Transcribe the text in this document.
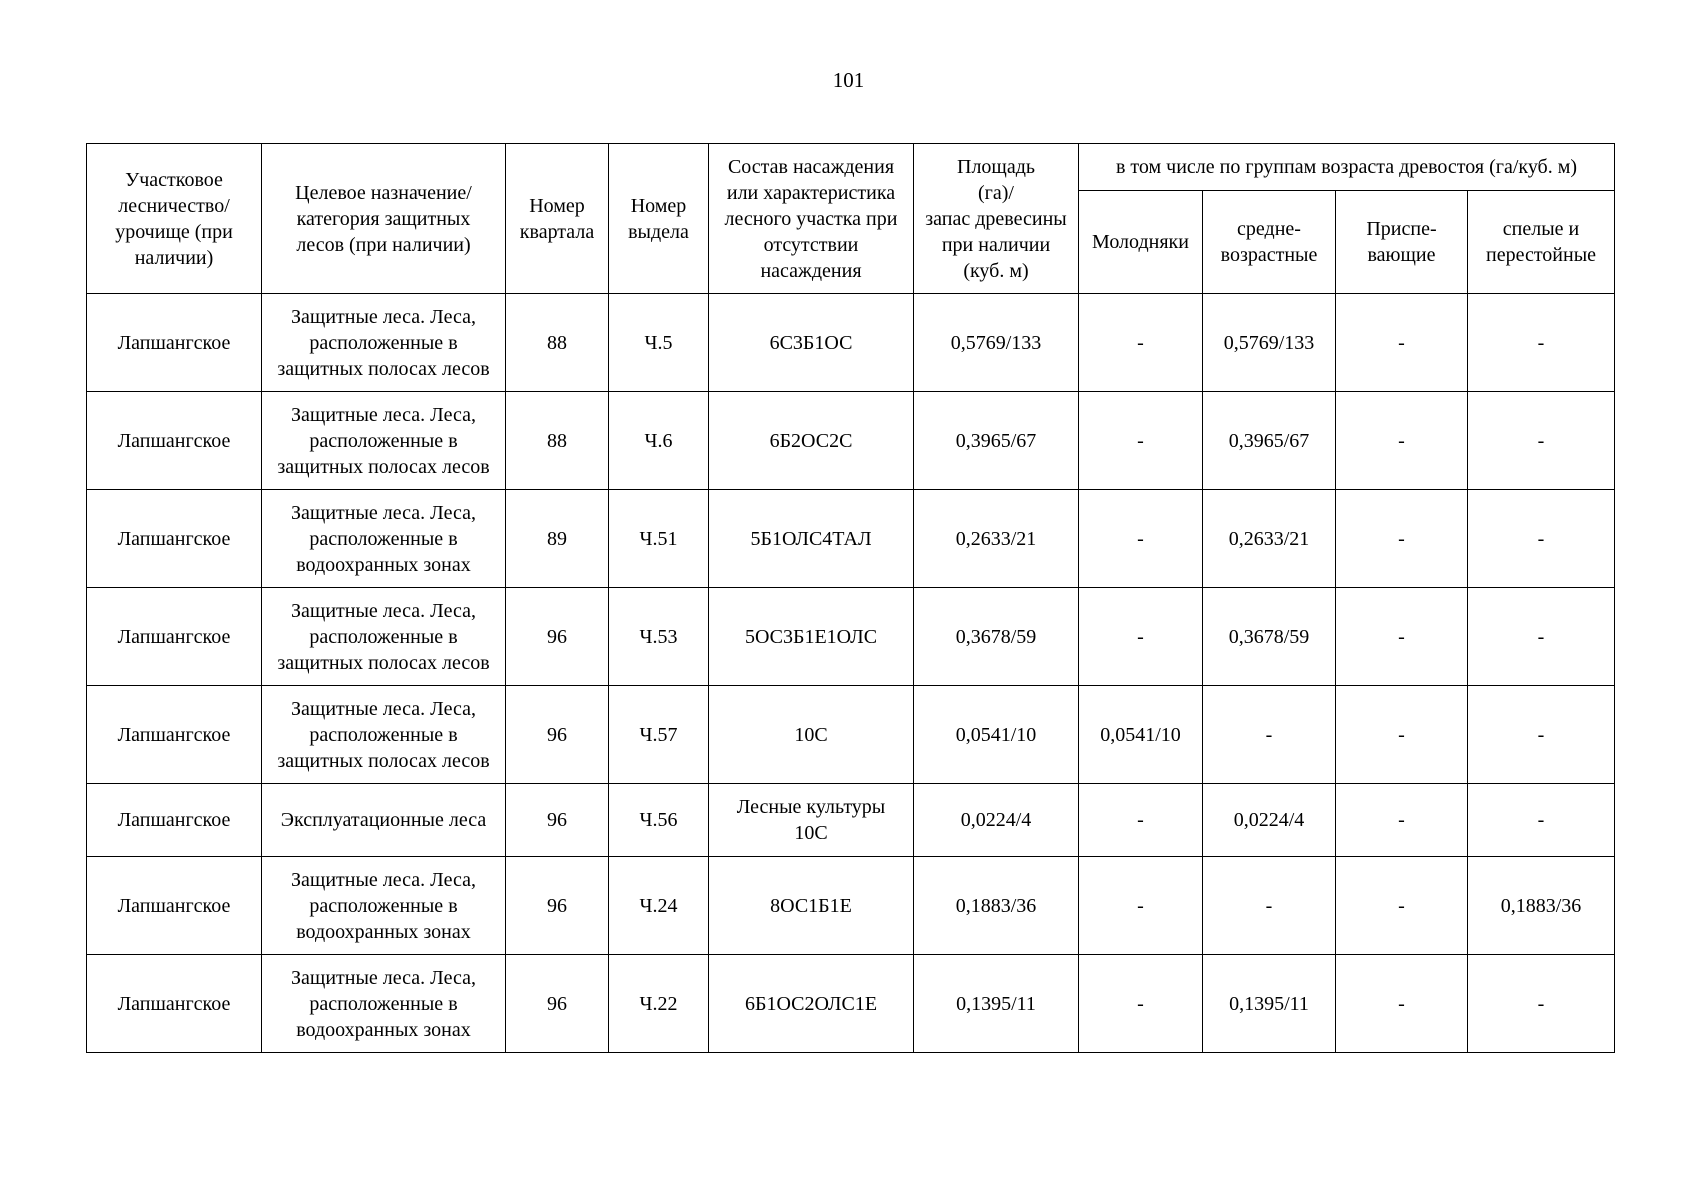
101
Участковое
лесничество/
урочище (при
наличии)	Целевое назначение/
категория защитных
лесов (при наличии)	Номер
квартала	Номер
выдела	Состав насаждения
или характеристика
лесного участка при
отсутствии
насаждения	Площадь
(га)/
запас древесины
при наличии
(куб. м)	в том числе по группам возраста древостоя (га/куб. м)			
						Молодняки	средне-
возрастные	Приспе-
вающие	спелые и
перестойные
Лапшангское	Защитные леса. Леса,
расположенные в
защитных полосах лесов	88	Ч.5	6С3Б1ОС	0,5769/133	-	0,5769/133	-	-
Лапшангское	Защитные леса. Леса,
расположенные в
защитных полосах лесов	88	Ч.6	6Б2ОС2С	0,3965/67	-	0,3965/67	-	-
Лапшангское	Защитные леса. Леса,
расположенные в
водоохранных зонах	89	Ч.51	5Б1ОЛС4ТАЛ	0,2633/21	-	0,2633/21	-	-
Лапшангское	Защитные леса. Леса,
расположенные в
защитных полосах лесов	96	Ч.53	5ОС3Б1Е1ОЛС	0,3678/59	-	0,3678/59	-	-
Лапшангское	Защитные леса. Леса,
расположенные в
защитных полосах лесов	96	Ч.57	10С	0,0541/10	0,0541/10	-	-	-
Лапшангское	Эксплуатационные леса	96	Ч.56	Лесные культуры
10С	0,0224/4	-	0,0224/4	-	-
Лапшангское	Защитные леса. Леса,
расположенные в
водоохранных зонах	96	Ч.24	8ОС1Б1Е	0,1883/36	-	-	-	0,1883/36
Лапшангское	Защитные леса. Леса,
расположенные в
водоохранных зонах	96	Ч.22	6Б1ОС2ОЛС1Е	0,1395/11	-	0,1395/11	-	-
